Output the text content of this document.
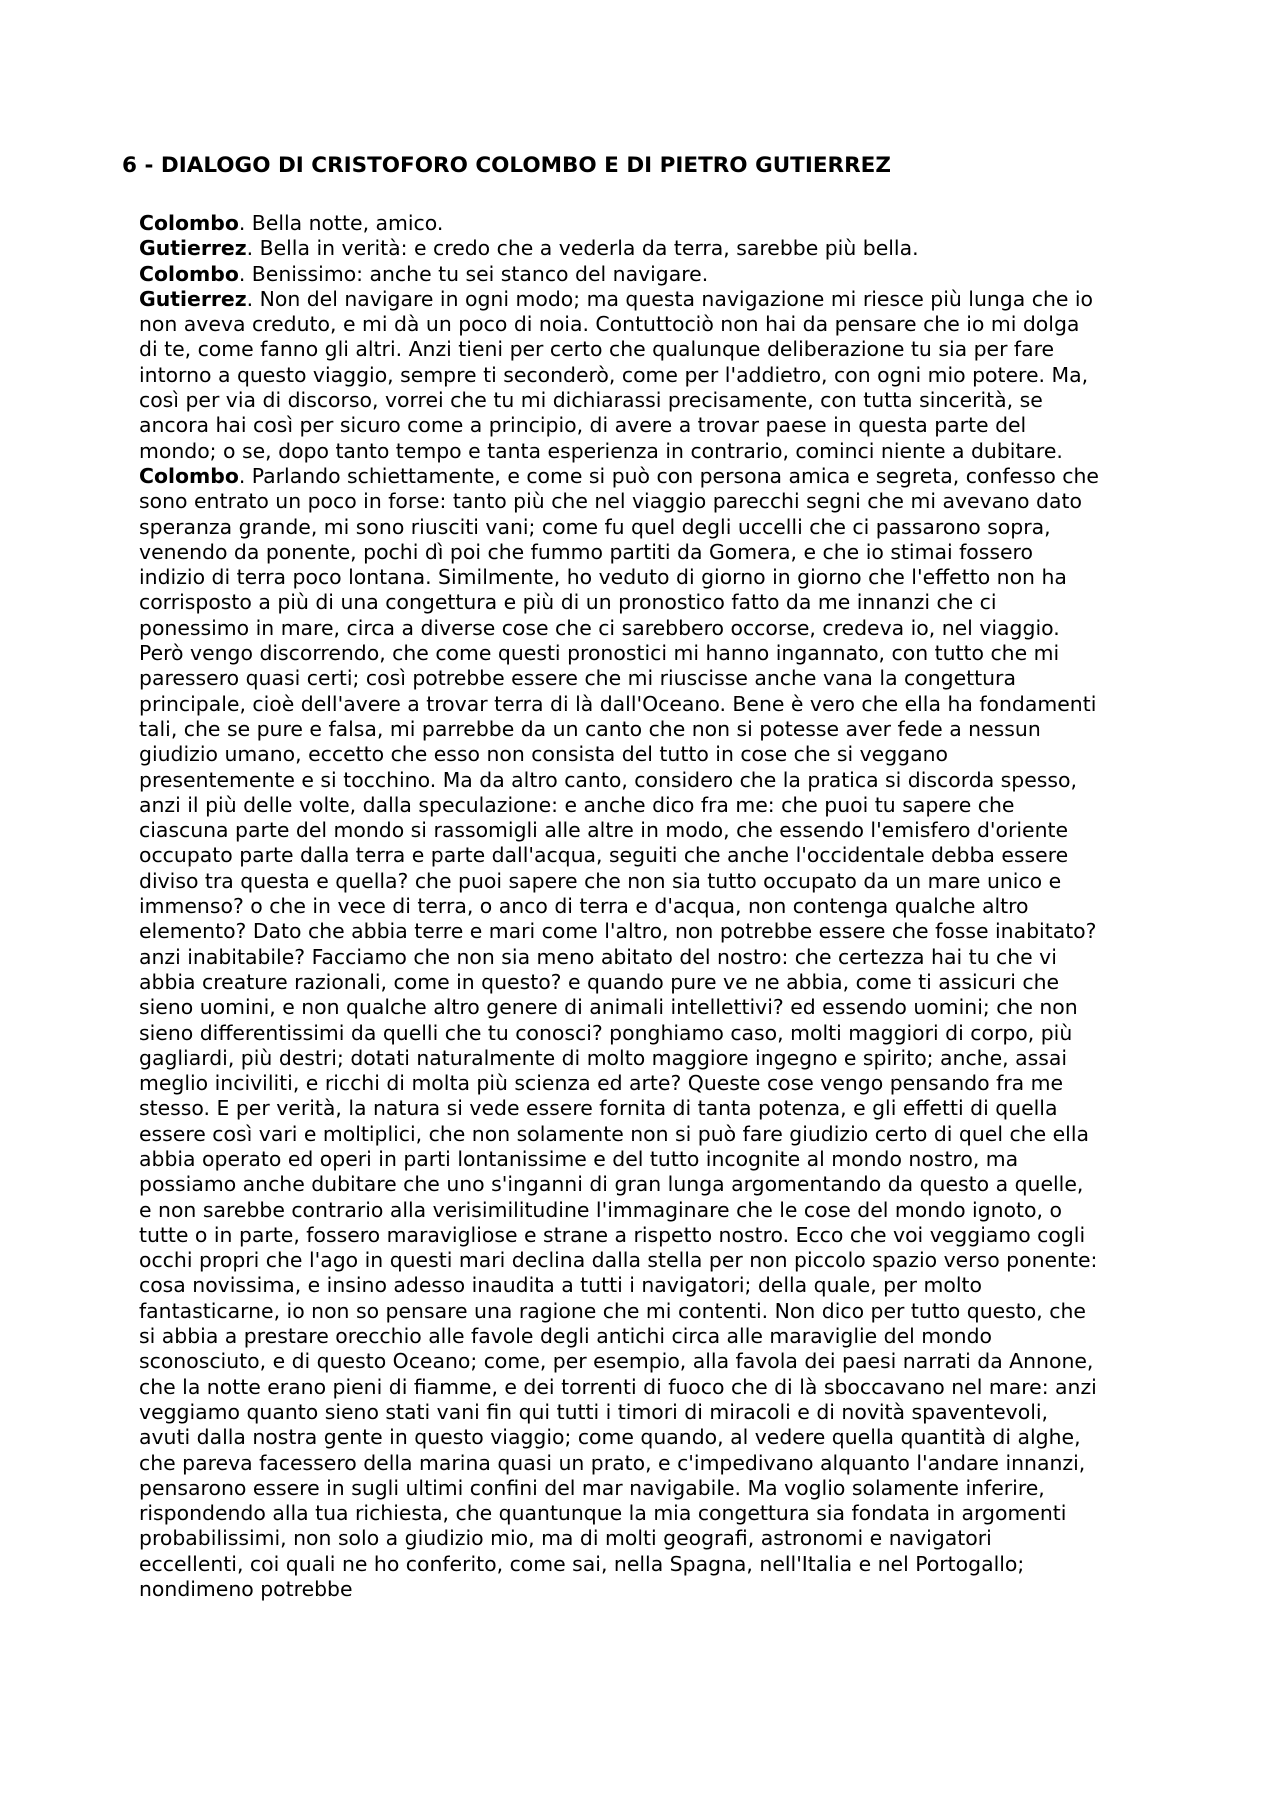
6 - DIALOGO DI CRISTOFORO COLOMBO E DI PIETRO GUTIERREZ

Colombo. Bella notte, amico.

Gutierrez. Bella in verità: e credo che a vederla da terra, sarebbe più bella.

Colombo. Benissimo: anche tu sei stanco del navigare.

Gutierrez. Non del navigare in ogni modo; ma questa navigazione mi riesce più lunga che io non aveva creduto, e mi dà un poco di noia. Contuttociò non hai da pensare che io mi dolga di te, come fanno gli altri. Anzi tieni per certo che qualunque deliberazione tu sia per fare intorno a questo viaggio, sempre ti seconderò, come per l'addietro, con ogni mio potere. Ma, così per via di discorso, vorrei che tu mi dichiarassi precisamente, con tutta sincerità, se ancora hai così per sicuro come a principio, di avere a trovar paese in questa parte del mondo; o se, dopo tanto tempo e tanta esperienza in contrario, cominci niente a dubitare.

Colombo. Parlando schiettamente, e come si può con persona amica e segreta, confesso che sono entrato un poco in forse: tanto più che nel viaggio parecchi segni che mi avevano dato speranza grande, mi sono riusciti vani; come fu quel degli uccelli che ci passarono sopra, venendo da ponente, pochi dì poi che fummo partiti da Gomera, e che io stimai fossero indizio di terra poco lontana. Similmente, ho veduto di giorno in giorno che l'effetto non ha corrisposto a più di una congettura e più di un pronostico fatto da me innanzi che ci ponessimo in mare, circa a diverse cose che ci sarebbero occorse, credeva io, nel viaggio. Però vengo discorrendo, che come questi pronostici mi hanno ingannato, con tutto che mi paressero quasi certi; così potrebbe essere che mi riuscisse anche vana la congettura principale, cioè dell'avere a trovar terra di là dall'Oceano. Bene è vero che ella ha fondamenti tali, che se pure e falsa, mi parrebbe da un canto che non si potesse aver fede a nessun giudizio umano, eccetto che esso non consista del tutto in cose che si veggano presentemente e si tocchino. Ma da altro canto, considero che la pratica si discorda spesso, anzi il più delle volte, dalla speculazione: e anche dico fra me: che puoi tu sapere che ciascuna parte del mondo si rassomigli alle altre in modo, che essendo l'emisfero d'oriente occupato parte dalla terra e parte dall'acqua, seguiti che anche l'occidentale debba essere diviso tra questa e quella? che puoi sapere che non sia tutto occupato da un mare unico e immenso? o che in vece di terra, o anco di terra e d'acqua, non contenga qualche altro elemento? Dato che abbia terre e mari come l'altro, non potrebbe essere che fosse inabitato? anzi inabitabile? Facciamo che non sia meno abitato del nostro: che certezza hai tu che vi abbia creature razionali, come in questo? e quando pure ve ne abbia, come ti assicuri che sieno uomini, e non qualche altro genere di animali intellettivi? ed essendo uomini; che non sieno differentissimi da quelli che tu conosci? ponghiamo caso, molti maggiori di corpo, più gagliardi, più destri; dotati naturalmente di molto maggiore ingegno e spirito; anche, assai meglio inciviliti, e ricchi di molta più scienza ed arte? Queste cose vengo pensando fra me stesso. E per verità, la natura si vede essere fornita di tanta potenza, e gli effetti di quella essere così vari e moltiplici, che non solamente non si può fare giudizio certo di quel che ella abbia operato ed operi in parti lontanissime e del tutto incognite al mondo nostro, ma possiamo anche dubitare che uno s'inganni di gran lunga argomentando da questo a quelle, e non sarebbe contrario alla verisimilitudine l'immaginare che le cose del mondo ignoto, o tutte o in parte, fossero maravigliose e strane a rispetto nostro. Ecco che voi veggiamo cogli occhi propri che l'ago in questi mari declina dalla stella per non piccolo spazio verso ponente: cosa novissima, e insino adesso inaudita a tutti i navigatori; della quale, per molto fantasticarne, io non so pensare una ragione che mi contenti. Non dico per tutto questo, che si abbia a prestare orecchio alle favole degli antichi circa alle maraviglie del mondo sconosciuto, e di questo Oceano; come, per esempio, alla favola dei paesi narrati da Annone, che la notte erano pieni di fiamme, e dei torrenti di fuoco che di là sboccavano nel mare: anzi veggiamo quanto sieno stati vani fin qui tutti i timori di miracoli e di novità spaventevoli, avuti dalla nostra gente in questo viaggio; come quando, al vedere quella quantità di alghe, che pareva facessero della marina quasi un prato, e c'impedivano alquanto l'andare innanzi, pensarono essere in sugli ultimi confini del mar navigabile. Ma voglio solamente inferire, rispondendo alla tua richiesta, che quantunque la mia congettura sia fondata in argomenti probabilissimi, non solo a giudizio mio, ma di molti geografi, astronomi e navigatori eccellenti, coi quali ne ho conferito, come sai, nella Spagna, nell'Italia e nel Portogallo; nondimeno potrebbe
